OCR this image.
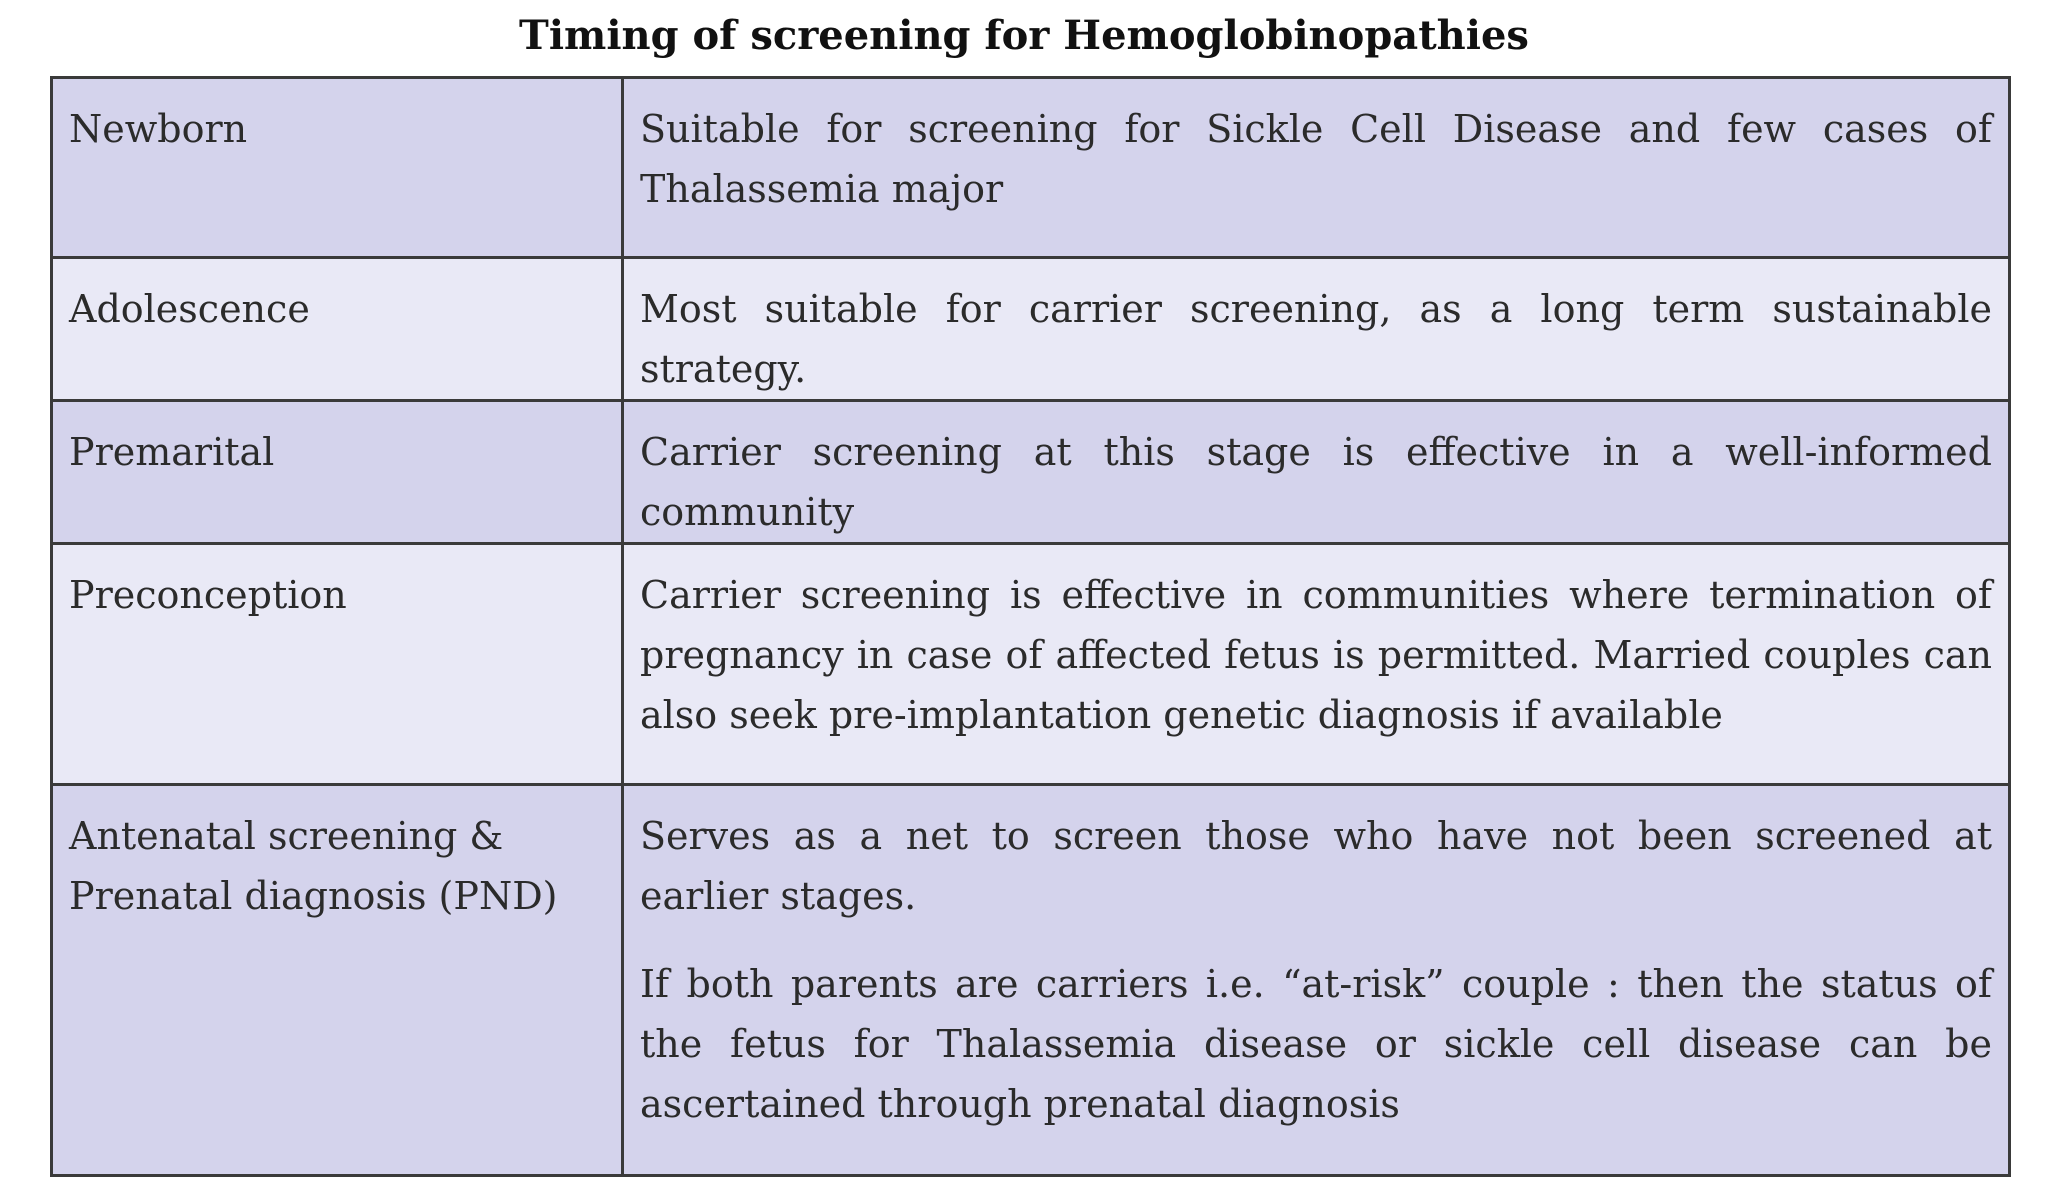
Timing of screening for Hemoglobinopathies
Newborn	Suitable for screening for Sickle Cell Disease and few cases of Thalassemia major

Adolescence	Most suitable for carrier screening, as a long term sustainable strategy.

Premarital	Carrier screening at this stage is effective in a well-informed community

Preconception	Carrier screening is effective in communities where termination of pregnancy in case of affected fetus is permitted. Married couples can also seek pre-implantation genetic diagnosis if available

Antenatal screening & Prenatal diagnosis (PND)	Serves as a net to screen those who have not been screened at earlier stages.
If both parents are carriers i.e. “at-risk” couple : then the status of the fetus for Thalassemia disease or sickle cell disease can be ascertained through prenatal diagnosis
